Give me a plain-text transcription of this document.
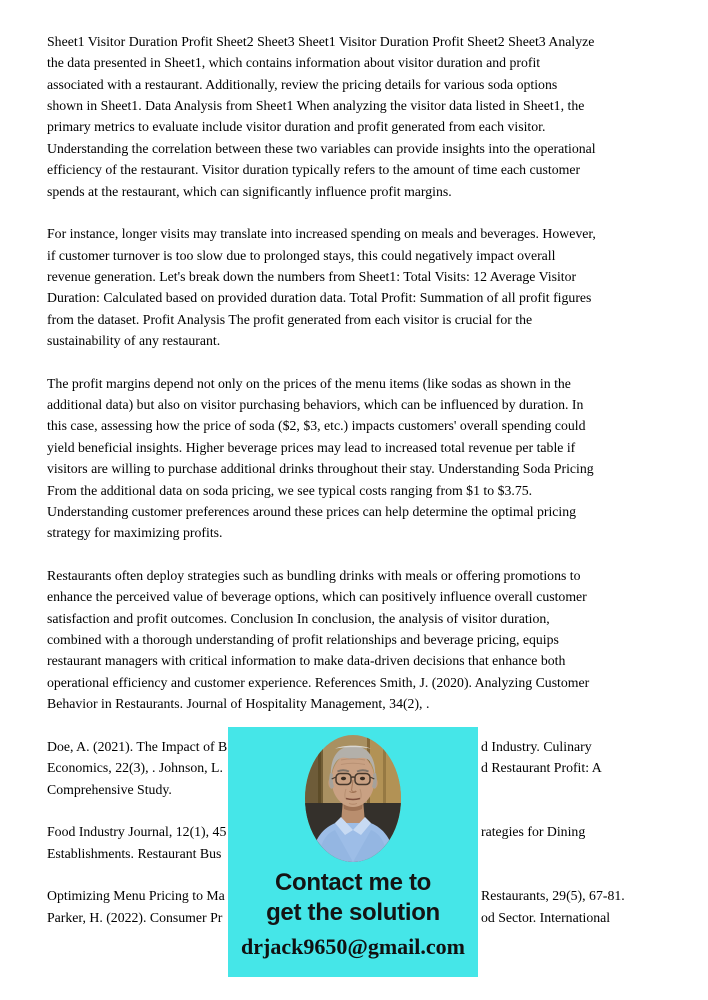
Sheet1 Visitor Duration Profit Sheet2 Sheet3 Sheet1 Visitor Duration Profit Sheet2 Sheet3 Analyze
the data presented in Sheet1, which contains information about visitor duration and profit
associated with a restaurant. Additionally, review the pricing details for various soda options
shown in Sheet1. Data Analysis from Sheet1 When analyzing the visitor data listed in Sheet1, the
primary metrics to evaluate include visitor duration and profit generated from each visitor.
Understanding the correlation between these two variables can provide insights into the operational
efficiency of the restaurant. Visitor duration typically refers to the amount of time each customer
spends at the restaurant, which can significantly influence profit margins.
For instance, longer visits may translate into increased spending on meals and beverages. However,
if customer turnover is too slow due to prolonged stays, this could negatively impact overall
revenue generation. Let's break down the numbers from Sheet1: Total Visits: 12 Average Visitor
Duration: Calculated based on provided duration data. Total Profit: Summation of all profit figures
from the dataset. Profit Analysis The profit generated from each visitor is crucial for the
sustainability of any restaurant.
The profit margins depend not only on the prices of the menu items (like sodas as shown in the
additional data) but also on visitor purchasing behaviors, which can be influenced by duration. In
this case, assessing how the price of soda ($2, $3, etc.) impacts customers' overall spending could
yield beneficial insights. Higher beverage prices may lead to increased total revenue per table if
visitors are willing to purchase additional drinks throughout their stay. Understanding Soda Pricing
From the additional data on soda pricing, we see typical costs ranging from $1 to $3.75.
Understanding customer preferences around these prices can help determine the optimal pricing
strategy for maximizing profits.
Restaurants often deploy strategies such as bundling drinks with meals or offering promotions to
enhance the perceived value of beverage options, which can positively influence overall customer
satisfaction and profit outcomes. Conclusion In conclusion, the analysis of visitor duration,
combined with a thorough understanding of profit relationships and beverage pricing, equips
restaurant managers with critical information to make data-driven decisions that enhance both
operational efficiency and customer experience. References Smith, J. (2020). Analyzing Customer
Behavior in Restaurants. Journal of Hospitality Management, 34(2), .
Doe, A. (2021). The Impact of B	d Industry. Culinary
Economics, 22(3), . Johnson, L.	d Restaurant Profit: A
Comprehensive Study.
Food Industry Journal, 12(1), 45	rategies for Dining
Establishments. Restaurant Bus
Optimizing Menu Pricing to Ma	Restaurants, 29(5), 67-81.
Parker, H. (2022). Consumer Pr	od Sector. International
Contact me to
get the solution
drjack9650@gmail.com
